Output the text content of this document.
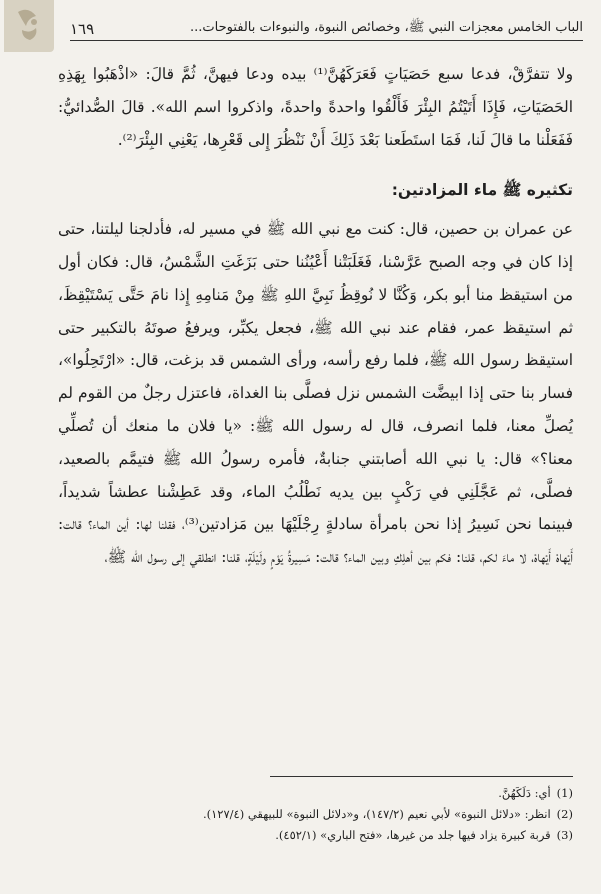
الباب الخامس معجزات النبي ﷺ، وخصائص النبوة، والنبوءات بالفتوحات...
١٦٩

ولا تتفرَّقْ، فدعا سبع حَصَيَاتٍ فَعَرَكَهُنَّ⁽¹⁾ بيده ودعا فيهنَّ، ثُمَّ قالَ: «اذْهَبُوا بِهَذِهِ الحَصَيَاتِ، فَإِذَا أَتَيْتُمُ البِئْرَ فَأَلْقُوا واحدةً واحدةً، واذكروا اسم الله». قالَ الصُّدائيُّ: فَفَعَلْنا ما قالَ لَنا، فَمَا استَطَعنا بَعْدَ ذَلِكَ أَنْ نَنْظُرَ إِلى قَعْرِها، يَعْنِي البِئْرَ⁽²⁾.

تكثيره ﷺ ماء المزادتين:

عن عمران بن حصين، قال: كنت مع نبي الله ﷺ في مسير له، فأدلجنا ليلتنا، حتى إذا كان في وجه الصبح عَرَّسْنا، فَغَلَبَتْنا أَعْيُنُنا حتى بَزَغَتِ الشَّمْسُ، قال: فكان أول من استيقظ منا أبو بكر، وَكُنَّا لا نُوقِظُ نَبِيَّ اللهِ ﷺ مِنْ مَنامِهِ إِذا نامَ حَتَّى يَسْتَيْقِظَ، ثم استيقظ عمر، فقام عند نبي الله ﷺ، فجعل يكبِّر، ويرفعُ صوتَهُ بالتكبير حتى استيقظ رسول الله ﷺ، فلما رفع رأسه، ورأى الشمس قد بزغت، قال: «ارْتَحِلُوا»، فسار بنا حتى إذا ابيضَّت الشمس نزل فصلَّى بنا الغداة، فاعتزل رجلٌ من القوم لم يُصلِّ معنا، فلما انصرف، قال له رسول الله ﷺ: «يا فلان ما منعك أن تُصلِّي معنا؟» قال: يا نبي الله أصابتني جنابةٌ، فأمره رسولُ الله ﷺ فتيمَّم بالصعيد، فصلَّى، ثم عَجَّلَنِي في رَكْبٍ بين يديه نَطْلُبُ الماء، وقد عَطِشْنا عطشاً شديداً، فبينما نحن نَسِيرُ إذا نحن بامرأة سادلةٍ رِجْلَيْهَا بين مَزادتين⁽³⁾، فقلنا لها: أين الماء؟ قالت: أَيْهاهْ أَيْهاهْ، لا ماءَ لكم، قلنا: فكم بين أهلِكِ وبين الماء؟ قالت: مَسِيرةُ يَوْمٍ ولَيْلَةٍ، قلنا: انطلقي إلى رسول الله ﷺ،

(1)
أي: دَلَكَهُنَّ.
(2)
انظر: «دلائل النبوة» لأبي نعيم (١٤٧/٢)، و«دلائل النبوة» للبيهقي (١٢٧/٤).
(3)
قربة كبيرة يزاد فيها جلد من غيرها، «فتح الباري» (٤٥٢/١).
